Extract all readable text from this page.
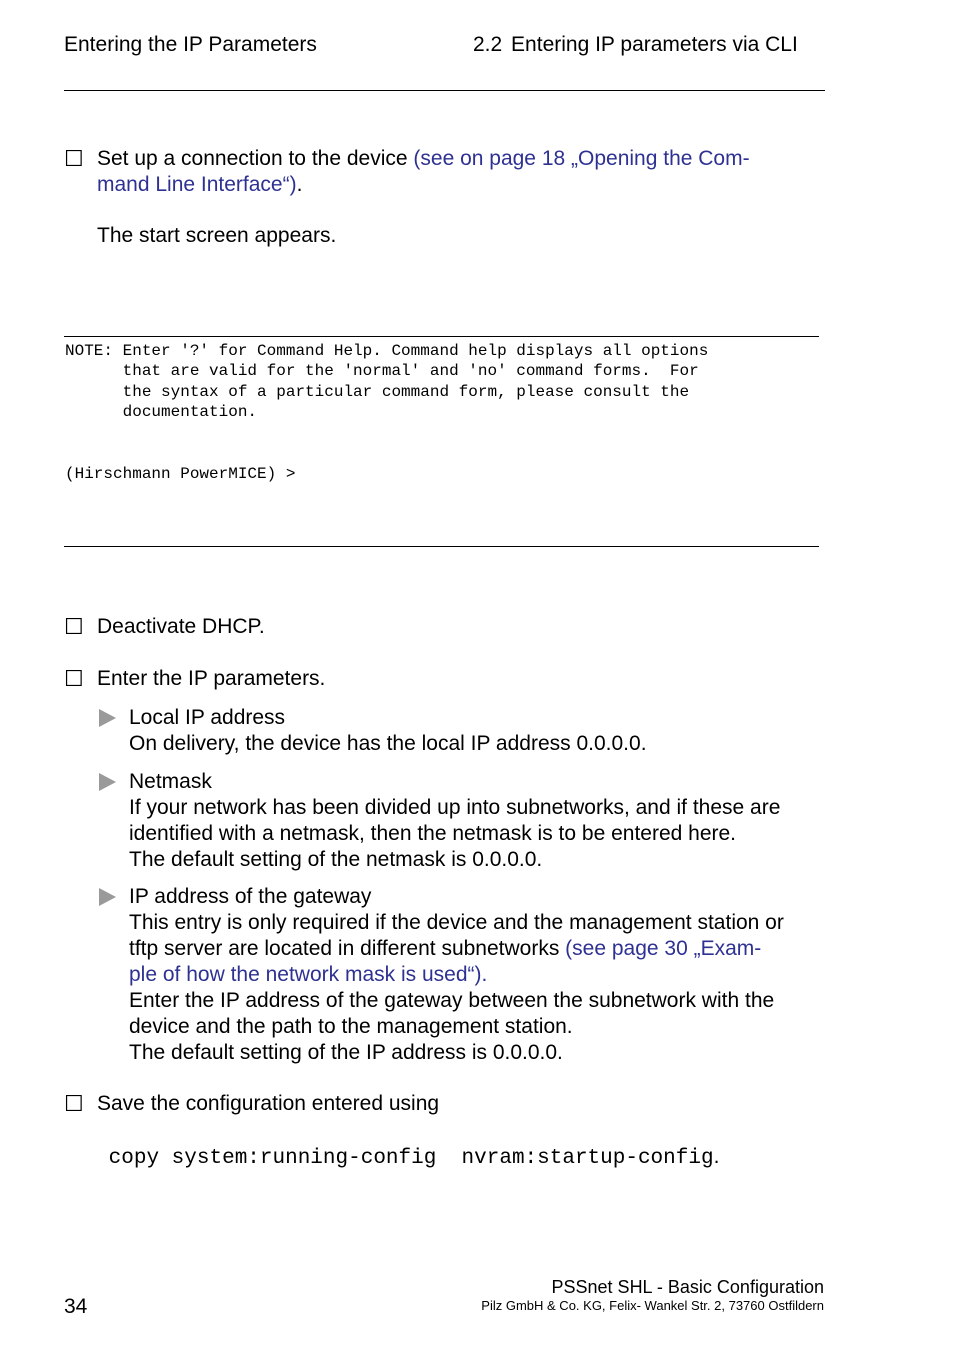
Entering the IP Parameters	2.2 Entering IP parameters via CLI
☐ Set up a connection to the device (see on page 18 „Opening the Com-
mand Line Interface“).
The start screen appears.
NOTE: Enter '?' for Command Help. Command help displays all options
that are valid for the 'normal' and 'no' command forms.  For
the syntax of a particular command form, please consult the
documentation.
(Hirschmann PowerMICE) >
☐ Deactivate DHCP.
☐ Enter the IP parameters.
Local IP address
On delivery, the device has the local IP address 0.0.0.0.
Netmask
If your network has been divided up into subnetworks, and if these are
identified with a netmask, then the netmask is to be entered here.
The default setting of the netmask is 0.0.0.0.
IP address of the gateway
This entry is only required if the device and the management station or
tftp server are located in different subnetworks (see page 30 „Exam-
ple of how the network mask is used“).
Enter the IP address of the gateway between the subnetwork with the
device and the path to the management station.
The default setting of the IP address is 0.0.0.0.
☐ Save the configuration entered using

copy system:running-config  nvram:startup-config.

34
PSSnet SHL - Basic Configuration
Pilz GmbH & Co. KG, Felix- Wankel Str. 2, 73760 Ostfildern
